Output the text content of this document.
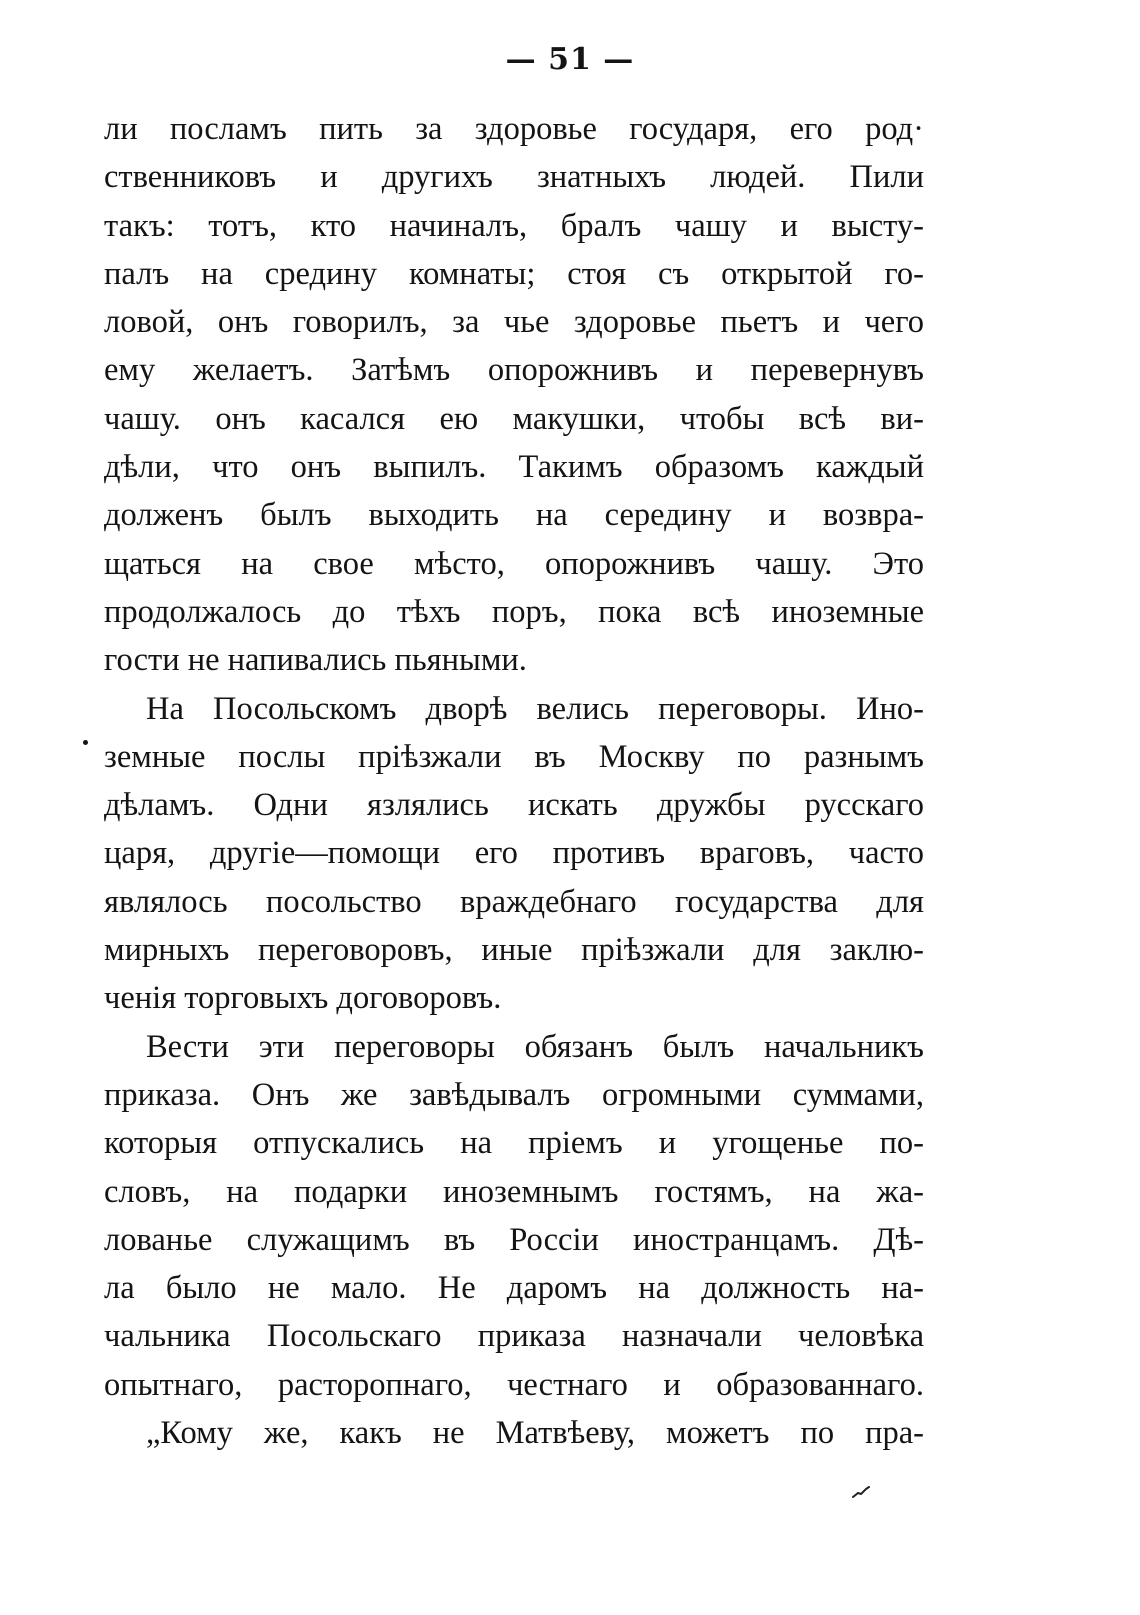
— 51 —
ли посламъ пить за здоровье государя, его род·
ственниковъ и другихъ знатныхъ людей. Пили
такъ: тотъ, кто начиналъ, бралъ чашу и высту-
палъ на средину комнаты; стоя съ открытой го-
ловой, онъ говорилъ, за чье здоровье пьетъ и чего
ему желаетъ. Затѣмъ опорожнивъ и перевернувъ
чашу. онъ касался ею макушки, чтобы всѣ ви-
дѣли, что онъ выпилъ. Такимъ образомъ каждый
долженъ былъ выходить на середину и возвра-
щаться на свое мѣсто, опорожнивъ чашу. Это
продолжалось до тѣхъ поръ, пока всѣ иноземные
гости не напивались пьяными.
На Посольскомъ дворѣ велись переговоры. Ино-
земные послы пріѣзжали въ Москву по разнымъ
дѣламъ. Одни язлялись искать дружбы русскаго
царя, другіе—помощи его противъ враговъ, часто
являлось посольство враждебнаго государства для
мирныхъ переговоровъ, иные пріѣзжали для заклю-
ченія торговыхъ договоровъ.
Вести эти переговоры обязанъ былъ начальникъ
приказа. Онъ же завѣдывалъ огромными суммами,
которыя отпускались на пріемъ и угощенье по-
словъ, на подарки иноземнымъ гостямъ, на жа-
лованье служащимъ въ Россіи иностранцамъ. Дѣ-
ла было не мало. Не даромъ на должность на-
чальника Посольскаго приказа назначали человѣка
опытнаго, расторопнаго, честнаго и образованнаго.
„Кому же, какъ не Матвѣеву, можетъ по пра-
